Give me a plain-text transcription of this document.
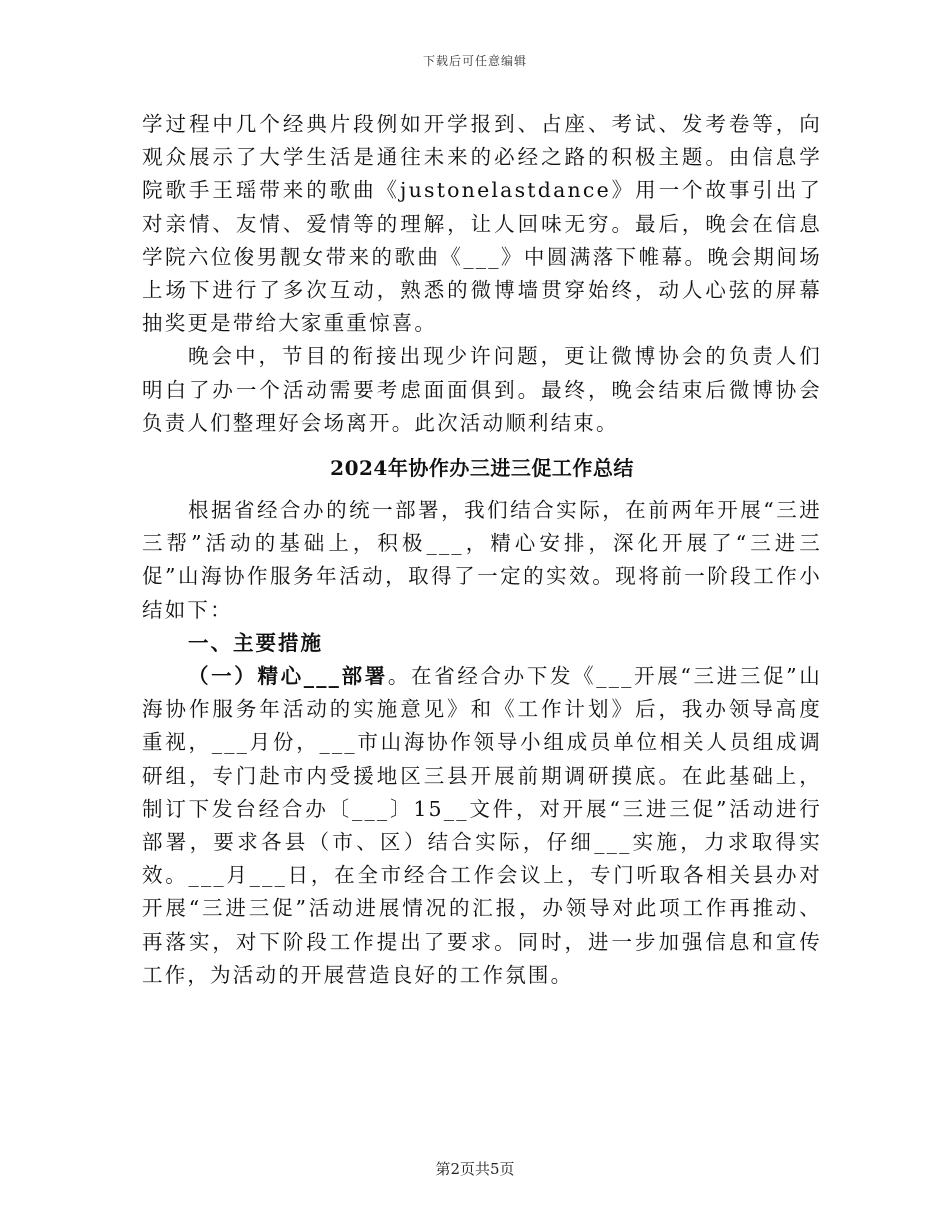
下载后可任意编辑

学过程中几个经典片段例如开学报到、占座、考试、发考卷等，向观众展示了大学生活是通往未来的必经之路的积极主题。由信息学院歌手王瑶带来的歌曲《justonelastdance》用一个故事引出了对亲情、友情、爱情等的理解，让人回味无穷。最后，晚会在信息学院六位俊男靓女带来的歌曲《___》中圆满落下帷幕。晚会期间场上场下进行了多次互动，熟悉的微博墙贯穿始终，动人心弦的屏幕抽奖更是带给大家重重惊喜。

晚会中，节目的衔接出现少许问题，更让微博协会的负责人们明白了办一个活动需要考虑面面俱到。最终，晚会结束后微博协会负责人们整理好会场离开。此次活动顺利结束。

2024年协作办三进三促工作总结

根据省经合办的统一部署，我们结合实际，在前两年开展“三进三帮”活动的基础上，积极___，精心安排，深化开展了“三进三促”山海协作服务年活动，取得了一定的实效。现将前一阶段工作小结如下：

一、主要措施

（一）精心___部署。在省经合办下发《___开展“三进三促”山海协作服务年活动的实施意见》和《工作计划》后，我办领导高度重视，___月份，___市山海协作领导小组成员单位相关人员组成调研组，专门赴市内受援地区三县开展前期调研摸底。在此基础上，制订下发台经合办〔___〕15__文件，对开展“三进三促”活动进行部署，要求各县（市、区）结合实际，仔细___实施，力求取得实效。___月___日，在全市经合工作会议上，专门听取各相关县办对开展“三进三促”活动进展情况的汇报，办领导对此项工作再推动、再落实，对下阶段工作提出了要求。同时，进一步加强信息和宣传工作，为活动的开展营造良好的工作氛围。

第2页共5页
